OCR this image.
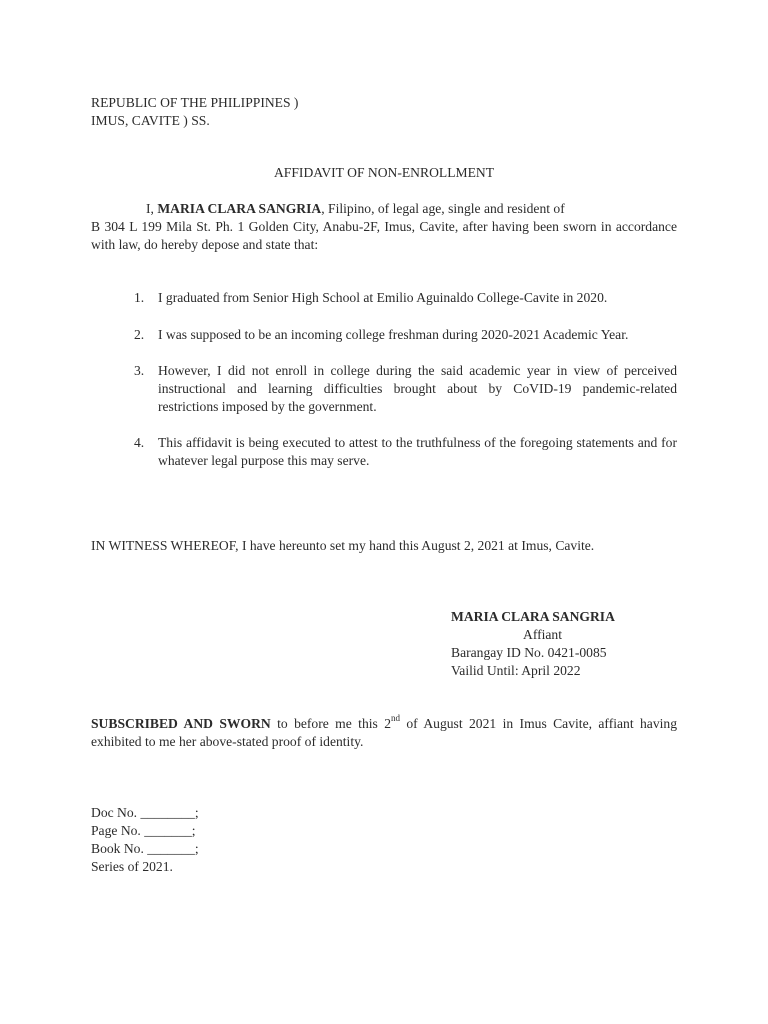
REPUBLIC OF THE PHILIPPINES )
IMUS, CAVITE ) SS.
AFFIDAVIT OF NON-ENROLLMENT
I, MARIA CLARA SANGRIA, Filipino, of legal age, single and resident of
B 304 L 199 Mila St. Ph. 1 Golden City, Anabu-2F, Imus, Cavite, after having been sworn in accordance with law, do hereby depose and state that:
1. I graduated from Senior High School at Emilio Aguinaldo College-Cavite in 2020.
2. I was supposed to be an incoming college freshman during 2020-2021 Academic Year.
3. However, I did not enroll in college during the said academic year in view of perceived instructional and learning difficulties brought about by CoVID-19 pandemic-related restrictions imposed by the government.
4. This affidavit is being executed to attest to the truthfulness of the foregoing statements and for whatever legal purpose this may serve.
IN WITNESS WHEREOF, I have hereunto set my hand this August 2, 2021 at Imus, Cavite.
MARIA CLARA SANGRIA
Affiant
Barangay ID No. 0421-0085
Vailid Until: April 2022
SUBSCRIBED AND SWORN to before me this 2nd of August 2021 in Imus Cavite, affiant having exhibited to me her above-stated proof of identity.
Doc No. ________;
Page No. _______;
Book No. _______;
Series of 2021.
